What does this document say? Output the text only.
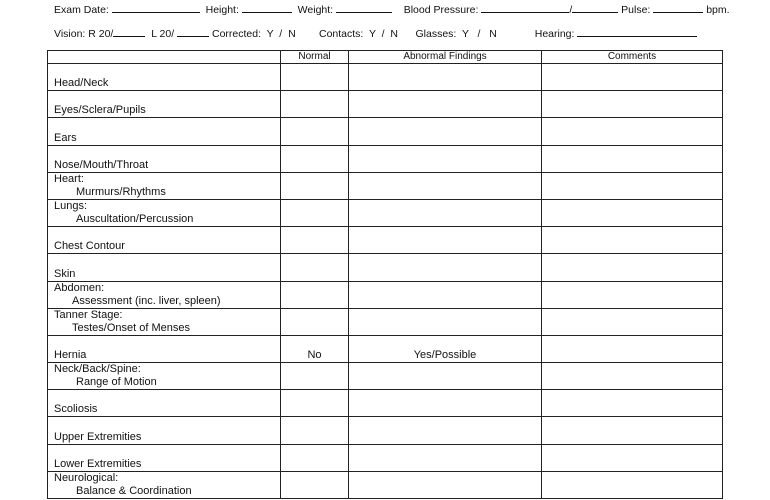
Exam Date:	Height:	Weight:	Blood Pressure:	/	Pulse:	bpm.
Vision: R 20/	L 20/	Corrected:  Y  /  N Contacts:  Y  /  N Glasses:  Y   /   N	Hearing:
	Normal	Abnormal Findings	Comments

Head/Neck			

Eyes/Sclera/Pupils			

Ears			

Nose/Mouth/Throat			

Heart:
Murmurs/Rhythms			

Lungs:
Auscultation/Percussion			

Chest Contour			

Skin			

Abdomen:
Assessment (inc. liver, spleen)			

Tanner Stage:
Testes/Onset of Menses			

Hernia	No	Yes/Possible	

Neck/Back/Spine:
Range of Motion			

Scoliosis			

Upper Extremities			

Lower Extremities			

Neurological:
Balance & Coordination			
